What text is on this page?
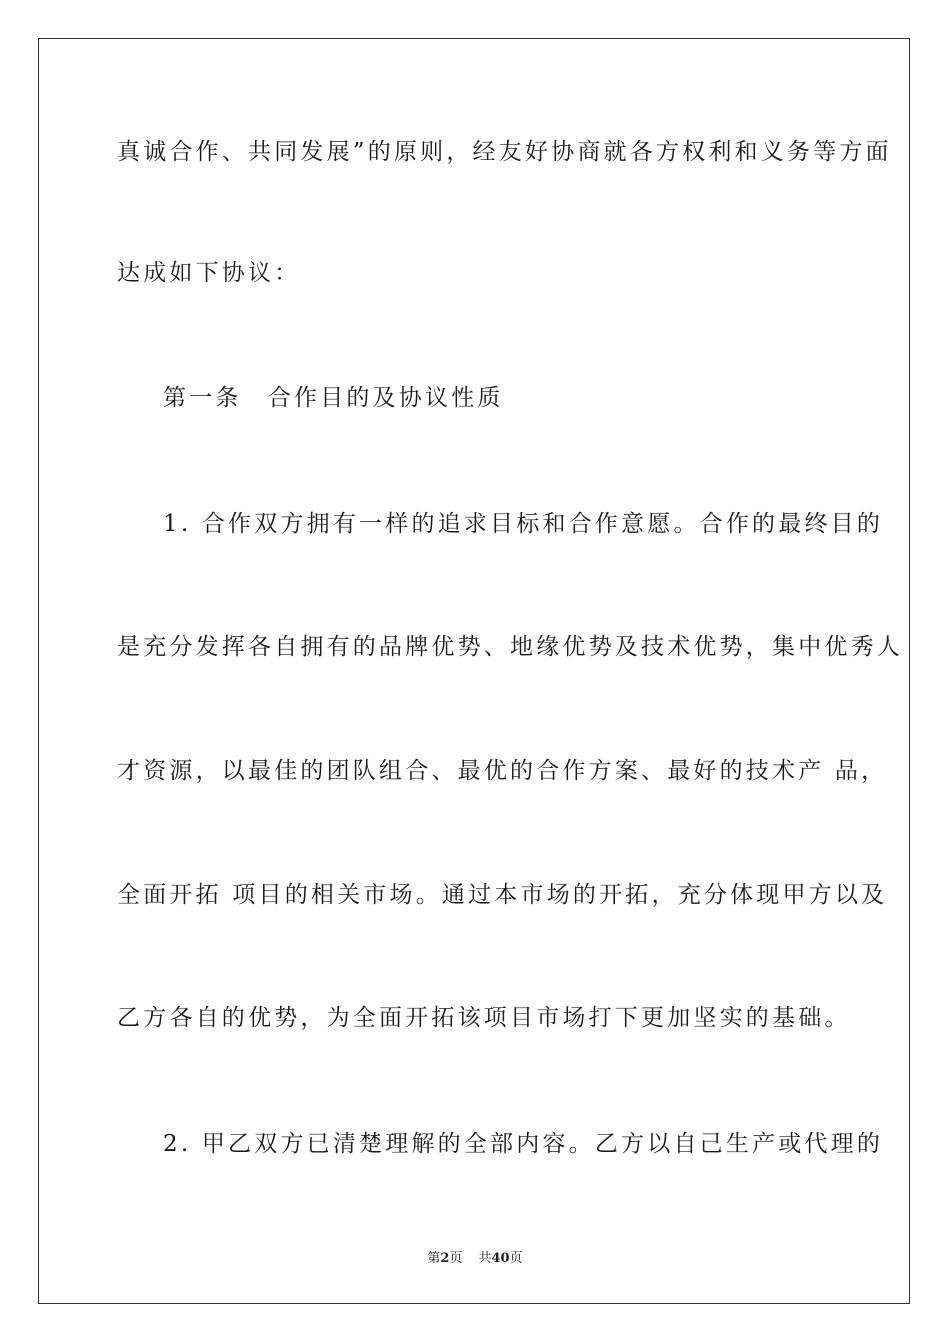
真诚合作、共同发展”的原则，经友好协商就各方权利和义务等方面
达成如下协议：
第一条　合作目的及协议性质
1. 合作双方拥有一样的追求目标和合作意愿。合作的最终目的
是充分发挥各自拥有的品牌优势、地缘优势及技术优势，集中优秀人
才资源，以最佳的团队组合、最优的合作方案、最好的技术产 品，
全面开拓 项目的相关市场。通过本市场的开拓，充分体现甲方以及
乙方各自的优势，为全面开拓该项目市场打下更加坚实的基础。
2. 甲乙双方已清楚理解的全部内容。乙方以自己生产或代理的
第2页 共40页
